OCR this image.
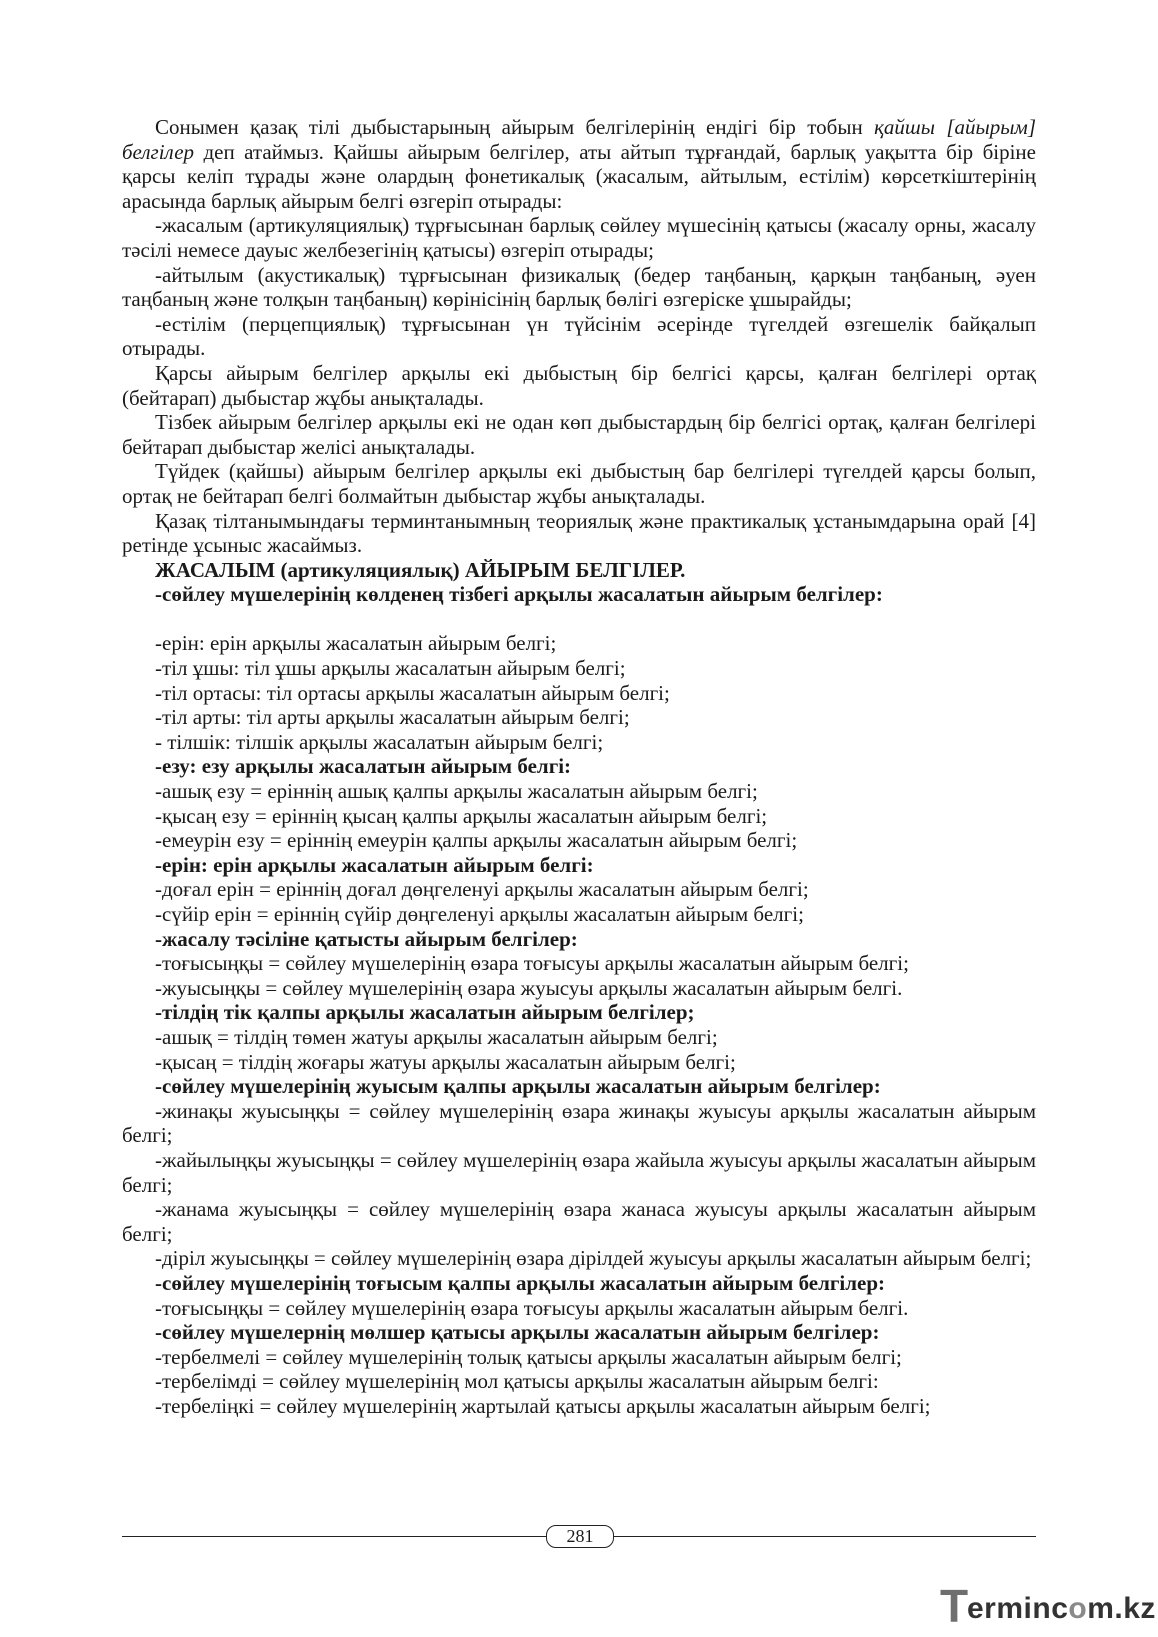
Сонымен қазақ тілі дыбыстарының айырым белгілерінің ендігі бір тобын қайшы [айырым] белгілер деп атаймыз. Қайшы айырым белгілер, аты айтып тұрғандай, барлық уақытта бір біріне қарсы келіп тұрады және олардың фонетикалық (жасалым, айтылым, естілім) көрсеткіштерінің арасында барлық айырым белгі өзгеріп отырады:

-жасалым (артикуляциялық) тұрғысынан барлық сөйлеу мүшесінің қатысы (жасалу орны, жасалу тәсілі немесе дауыс желбезегінің қатысы) өзгеріп отырады;

-айтылым (акустикалық) тұрғысынан физикалық (бедер таңбаның, қарқын таңбаның, әуен таңбаның және толқын таңбаның) көрінісінің барлық бөлігі өзгеріске ұшырайды;

-естілім (перцепциялық) тұрғысынан үн түйсінім әсерінде түгелдей өзгешелік байқалып отырады.

Қарсы айырым белгілер арқылы екі дыбыстың бір белгісі қарсы, қалған белгілері ортақ (бейтарап) дыбыстар жұбы анықталады.

Тізбек айырым белгілер арқылы екі не одан көп дыбыстардың бір белгісі ортақ, қалған белгілері бейтарап дыбыстар желісі анықталады.

Түйдек (қайшы) айырым белгілер арқылы екі дыбыстың бар белгілері түгелдей қарсы болып, ортақ не бейтарап белгі болмайтын дыбыстар жұбы анықталады.

Қазақ тілтанымындағы терминтанымның теориялық және практикалық ұстанымдарына орай [4] ретінде ұсыныс жасаймыз.

ЖАСАЛЫМ (артикуляциялық) АЙЫРЫМ БЕЛГІЛЕР.

-сөйлеу мүшелерінің көлденең тізбегі арқылы жасалатын айырым белгілер:

-ерін: ерін арқылы жасалатын айырым белгі;

-тіл ұшы: тіл ұшы арқылы жасалатын айырым белгі;

-тіл ортасы: тіл ортасы арқылы жасалатын айырым белгі;

-тіл арты: тіл арты арқылы жасалатын айырым белгі;

- тілшік: тілшік арқылы жасалатын айырым белгі;

-езу: езу арқылы жасалатын айырым белгі:

-ашық езу = еріннің ашық қалпы арқылы жасалатын айырым белгі;

-қысаң езу = еріннің қысаң қалпы арқылы жасалатын айырым белгі;

-емеурін езу = еріннің емеурін қалпы арқылы жасалатын айырым белгі;

-ерін: ерін арқылы жасалатын айырым белгі:

-доғал ерін = еріннің доғал дөңгеленуі арқылы жасалатын айырым белгі;

-сүйір ерін = еріннің сүйір дөңгеленуі арқылы жасалатын айырым белгі;

-жасалу тәсіліне қатысты айырым белгілер:

-тоғысыңқы = сөйлеу мүшелерінің өзара тоғысуы арқылы жасалатын айырым белгі;

-жуысыңқы = сөйлеу мүшелерінің өзара жуысуы арқылы жасалатын айырым белгі.

-тілдің тік қалпы арқылы жасалатын айырым белгілер;

-ашық = тілдің төмен жатуы арқылы жасалатын айырым белгі;

-қысаң = тілдің жоғары жатуы арқылы жасалатын айырым белгі;

-сөйлеу мүшелерінің жуысым қалпы арқылы жасалатын айырым белгілер:

-жинақы жуысыңқы = сөйлеу мүшелерінің өзара жинақы жуысуы арқылы жасалатын айырым белгі;

-жайылыңқы жуысыңқы = сөйлеу мүшелерінің өзара жайыла жуысуы арқылы жасалатын айырым белгі;

-жанама жуысыңқы = сөйлеу мүшелерінің өзара жанаса жуысуы арқылы жасалатын айырым белгі;

-діріл жуысыңқы = сөйлеу мүшелерінің өзара дірілдей жуысуы арқылы жасалатын айырым белгі;

-сөйлеу мүшелерінің тоғысым қалпы арқылы жасалатын айырым белгілер:

-тоғысыңқы = сөйлеу мүшелерінің өзара тоғысуы арқылы жасалатын айырым белгі.

-сөйлеу мүшелернің мөлшер қатысы арқылы жасалатын айырым белгілер:

-тербелмелі = сөйлеу мүшелерінің толық қатысы арқылы жасалатын айырым белгі;

-тербелімді = сөйлеу мүшелерінің мол қатысы арқылы жасалатын айырым белгі:

-тербеліңкі = сөйлеу мүшелерінің жартылай қатысы арқылы жасалатын айырым белгі;

281
T
ermincom.kz
